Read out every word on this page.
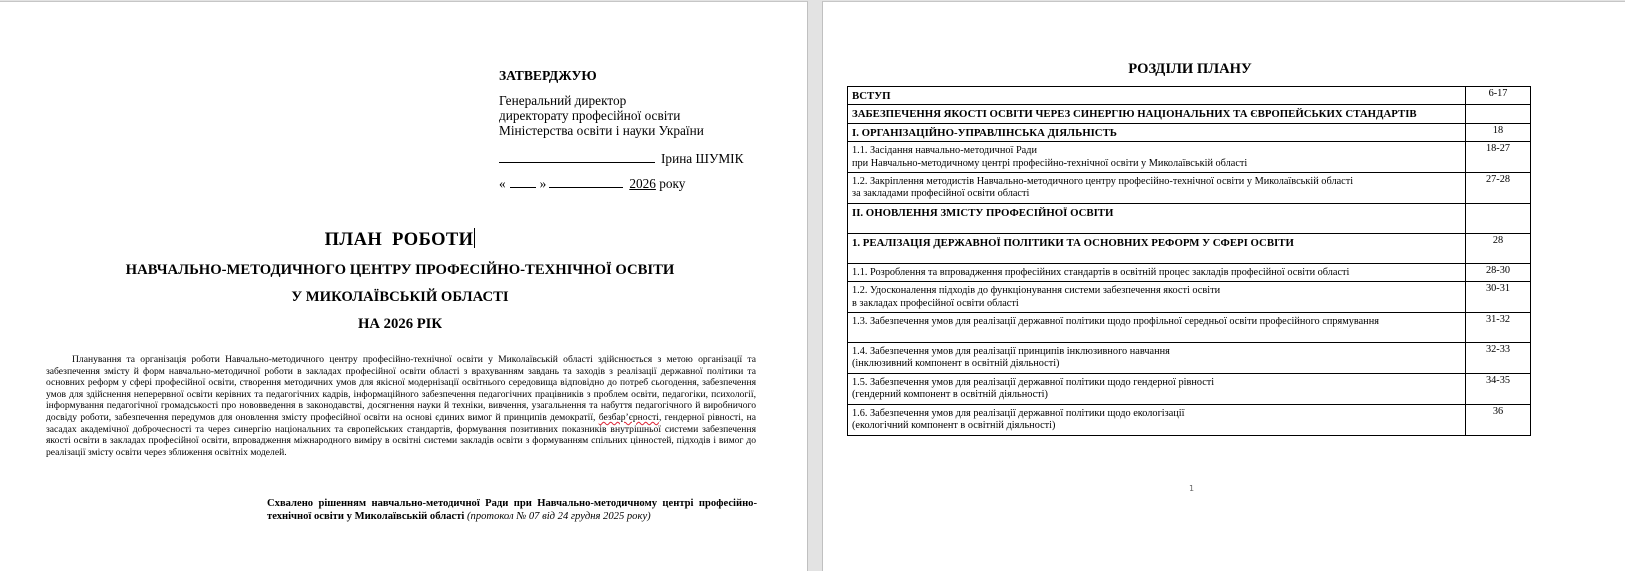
ЗАТВЕРДЖУЮ
Генеральний директор
директорату професійної освіти
Міністерства освіти і науки України
Ірина ШУМІК
«	»	2026 року
ПЛАН  РОБОТИ
НАВЧАЛЬНО-МЕТОДИЧНОГО ЦЕНТРУ ПРОФЕСІЙНО-ТЕХНІЧНОЇ ОСВІТИ
У МИКОЛАЇВСЬКІЙ ОБЛАСТІ
НА 2026 РІК
Планування та організація роботи Навчально-методичного центру професійно-технічної освіти у Миколаївській області здійснюється з метою організації та забезпечення змісту й форм навчально-методичної роботи в закладах професійної освіти області з врахуванням завдань та заходів з реалізації державної політики та основних реформ у сфері професійної освіти, створення методичних умов для якісної модернізації освітнього середовища відповідно до потреб сьогодення, забезпечення умов для здійснення неперервної освіти керівних та педагогічних кадрів, інформаційного забезпечення педагогічних працівників з проблем освіти, педагогіки, психології, інформування педагогічної громадськості про нововведення в законодавстві, досягнення науки й техніки, вивчення, узагальнення та набуття педагогічного й виробничого досвіду роботи, забезпечення передумов для оновлення змісту професійної освіти на основі єдиних вимог й принципів демократії, безбар’єрності, гендерної рівності, на засадах академічної доброчесності та через синергію національних та європейських стандартів, формування позитивних показників внутрішньої системи забезпечення якості освіти в закладах професійної освіти, впровадження міжнародного виміру в освітні системи закладів освіти з формуванням спільних цінностей, підходів і вимог до реалізації змісту освіти через зближення освітніх моделей.
Схвалено рішенням навчально-методичної Ради при Навчально-методичному центрі професійно-технічної освіти у Миколаївській області (протокол № 07 від 24 грудня 2025 року)
РОЗДІЛИ ПЛАНУ
ВСТУП	6-17

ЗАБЕЗПЕЧЕННЯ ЯКОСТІ ОСВІТИ ЧЕРЕЗ СИНЕРГІЮ НАЦІОНАЛЬНИХ ТА ЄВРОПЕЙСЬКИХ СТАНДАРТІВ	

І. ОРГАНІЗАЦІЙНО-УПРАВЛІНСЬКА ДІЯЛЬНІСТЬ	18

1.1. Засідання навчально-методичної Ради
при Навчально-методичному центрі професійно-технічної освіти у Миколаївській області	18-27

1.2. Закріплення методистів Навчально-методичного центру професійно-технічної освіти у Миколаївській області
за закладами професійної освіти області	27-28

ІІ. ОНОВЛЕННЯ ЗМІСТУ ПРОФЕСІЙНОЇ ОСВІТИ	

1. РЕАЛІЗАЦІЯ ДЕРЖАВНОЇ ПОЛІТИКИ ТА ОСНОВНИХ РЕФОРМ У СФЕРІ ОСВІТИ	28

1.1. Розроблення та впровадження професійних стандартів в освітній процес закладів професійної освіти області	28-30

1.2. Удосконалення підходів до функціонування системи забезпечення якості освіти
в закладах професійної освіти області	30-31

1.3. Забезпечення умов для реалізації державної політики щодо профільної середньої освіти професійного спрямування	31-32

1.4. Забезпечення умов для реалізації принципів інклюзивного навчання
(інклюзивний компонент в освітній діяльності)	32-33

1.5. Забезпечення умов для реалізації державної політики щодо гендерної рівності
(гендерний компонент в освітній діяльності)	34-35

1.6. Забезпечення умов для реалізації державної політики щодо екологізації
(екологічний компонент в освітній діяльності)	36
1
